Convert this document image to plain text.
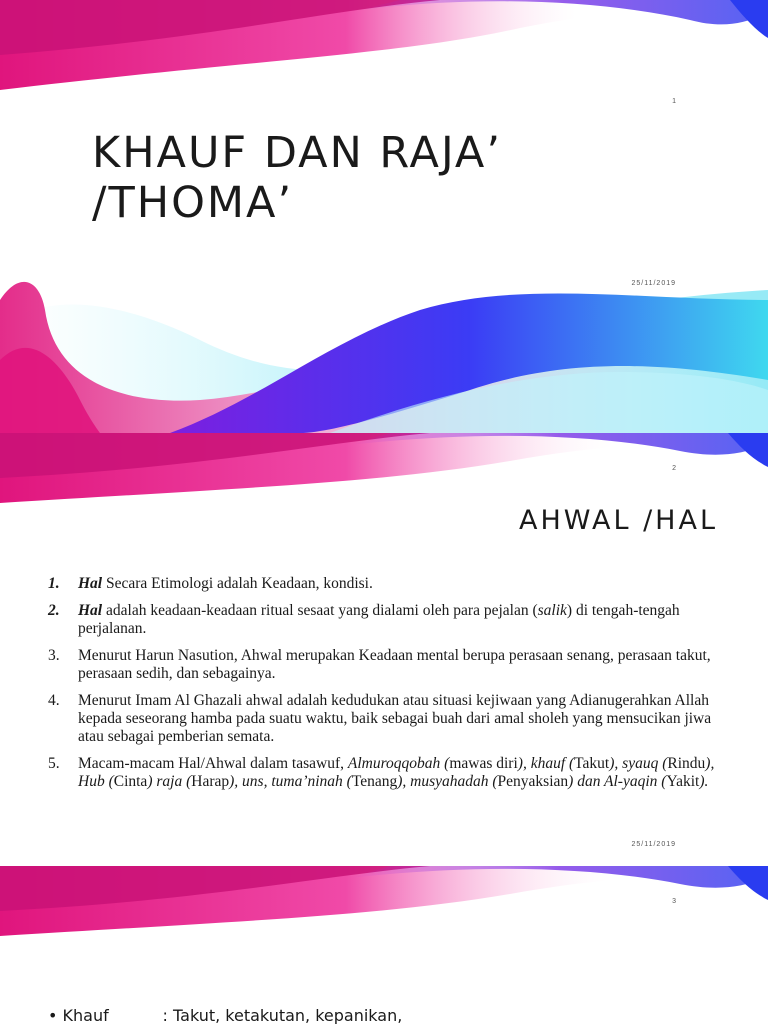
1
KHAUF DAN RAJA’
/THOMA’
25/11/2019
2
AHWAL /HAL
1. Hal Secara Etimologi adalah Keadaan, kondisi.
2. Hal adalah keadaan-keadaan ritual sesaat yang dialami oleh para pejalan (salik) di tengah-tengah perjalanan.
3. Menurut Harun Nasution, Ahwal merupakan Keadaan mental berupa perasaan senang, perasaan takut, perasaan sedih, dan sebagainya.
4. Menurut Imam Al Ghazali ahwal adalah kedudukan atau situasi kejiwaan yang Adianugerahkan Allah kepada seseorang hamba pada suatu waktu, baik sebagai buah dari amal sholeh yang mensucikan jiwa atau sebagai pemberian semata.
5. Macam-macam Hal/Ahwal dalam tasawuf, Almuroqqobah (mawas diri), khauf (Takut), syauq (Rindu), Hub (Cinta) raja (Harap), uns, tuma’ninah (Tenang), musyahadah (Penyaksian) dan Al-yaqin (Yakit).
25/11/2019
3
• Khauf	: Takut, ketakutan, kepanikan,
